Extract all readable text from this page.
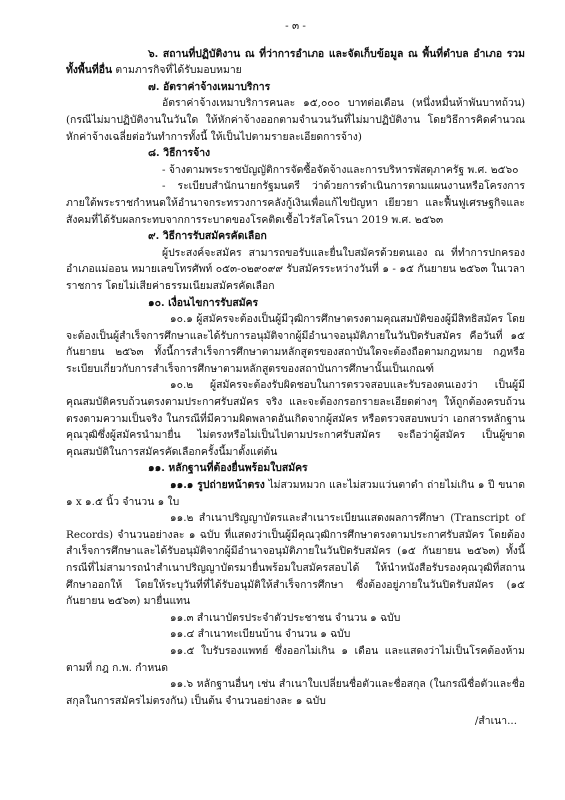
- ๓ -
๖. สถานที่ปฏิบัติงาน ณ ที่ว่าการอำเภอ และจัดเก็บข้อมูล ณ พื้นที่ตำบล อำเภอ รวมทั้งพื้นที่อื่น ตามภารกิจที่ได้รับมอบหมาย
๗. อัตราค่าจ้างเหมาบริการ
อัตราค่าจ้างเหมาบริการคนละ ๑๕,๐๐๐ บาทต่อเดือน (หนึ่งหมื่นห้าพันบาทถ้วน) (กรณีไม่มาปฏิบัติงานในวันใด ให้หักค่าจ้างออกตามจำนวนวันที่ไม่มาปฏิบัติงาน โดยวิธีการคิดคำนวณหักค่าจ้างเฉลี่ยต่อวันทำการทั้งนี้ ให้เป็นไปตามรายละเอียดการจ้าง)
๘. วิธีการจ้าง
- จ้างตามพระราชบัญญัติการจัดซื้อจัดจ้างและการบริหารพัสดุภาครัฐ พ.ศ. ๒๕๖๐
- ระเบียบสำนักนายกรัฐมนตรี ว่าด้วยการดำเนินการตามแผนงานหรือโครงการภายใต้พระราชกำหนดให้อำนาจกระทรวงการคลังกู้เงินเพื่อแก้ไขปัญหา เยียวยา และฟื้นฟูเศรษฐกิจและสังคมที่ได้รับผลกระทบจากการระบาดของโรคติดเชื้อไวรัสโคโรนา 2019 พ.ศ. ๒๕๖๓
๙. วิธีการรับสมัครคัดเลือก
ผู้ประสงค์จะสมัคร สามารถขอรับและยื่นใบสมัครด้วยตนเอง ณ ที่ทำการปกครองอำเภอแม่ออน หมายเลขโทรศัพท์ ๐๕๓-๐๒๙๐๙๙ รับสมัครระหว่างวันที่ ๑ - ๑๕ กันยายน ๒๕๖๓ ในเวลาราชการ โดยไม่เสียค่าธรรมเนียมสมัครคัดเลือก
๑๐. เงื่อนไขการรับสมัคร
๑๐.๑ ผู้สมัครจะต้องเป็นผู้มีวุฒิการศึกษาตรงตามคุณสมบัติของผู้มีสิทธิสมัคร โดยจะต้องเป็นผู้สำเร็จการศึกษาและได้รับการอนุมัติจากผู้มีอำนาจอนุมัติภายในวันปิดรับสมัคร คือวันที่ ๑๕ กันยายน ๒๕๖๓ ทั้งนี้การสำเร็จการศึกษาตามหลักสูตรของสถาบันใดจะต้องถือตามกฎหมาย กฎหรือระเบียบเกี่ยวกับการสำเร็จการศึกษาตามหลักสูตรของสถาบันการศึกษานั้นเป็นเกณฑ์
๑๐.๒ ผู้สมัครจะต้องรับผิดชอบในการตรวจสอบและรับรองตนเองว่า เป็นผู้มีคุณสมบัติครบถ้วนตรงตามประกาศรับสมัคร จริง และจะต้องกรอกรายละเอียดต่างๆ ให้ถูกต้องครบถ้วนตรงตามความเป็นจริง ในกรณีที่มีความผิดพลาดอันเกิดจากผู้สมัคร หรือตรวจสอบพบว่า เอกสารหลักฐานคุณวุฒิซึ่งผู้สมัครนำมายื่น ไม่ตรงหรือไม่เป็นไปตามประกาศรับสมัคร จะถือว่าผู้สมัคร เป็นผู้ขาดคุณสมบัติในการสมัครคัดเลือกครั้งนี้มาตั้งแต่ต้น
๑๑. หลักฐานที่ต้องยื่นพร้อมใบสมัคร
๑๑.๑ รูปถ่ายหน้าตรง ไม่สวมหมวก และไม่สวมแว่นตาดำ ถ่ายไม่เกิน ๑ ปี ขนาด ๑ x ๑.๕ นิ้ว จำนวน ๑ ใบ
๑๑.๒ สำเนาปริญญาบัตรและสำเนาระเบียนแสดงผลการศึกษา (Transcript of Records) จำนวนอย่างละ ๑ ฉบับ ที่แสดงว่าเป็นผู้มีคุณวุฒิการศึกษาตรงตามประกาศรับสมัคร โดยต้องสำเร็จการศึกษาและได้รับอนุมัติจากผู้มีอำนาจอนุมัติภายในวันปิดรับสมัคร (๑๕ กันยายน ๒๕๖๓) ทั้งนี้ กรณีที่ไม่สามารถนำสำเนาปริญญาบัตรมายื่นพร้อมใบสมัครสอบได้ ให้นำหนังสือรับรองคุณวุฒิที่สถานศึกษาออกให้ โดยให้ระบุวันที่ที่ได้รับอนุมัติให้สำเร็จการศึกษา ซึ่งต้องอยู่ภายในวันปิดรับสมัคร (๑๕ กันยายน ๒๕๖๓) มายื่นแทน
๑๑.๓ สำเนาบัตรประจำตัวประชาชน จำนวน ๑ ฉบับ
๑๑.๔ สำเนาทะเบียนบ้าน จำนวน ๑ ฉบับ
๑๑.๕ ใบรับรองแพทย์ ซึ่งออกไม่เกิน ๑ เดือน และแสดงว่าไม่เป็นโรคต้องห้ามตามที่ กฎ ก.พ. กำหนด
๑๑.๖ หลักฐานอื่นๆ เช่น สำเนาใบเปลี่ยนชื่อตัวและชื่อสกุล (ในกรณีชื่อตัวและชื่อสกุลในการสมัครไม่ตรงกัน) เป็นต้น จำนวนอย่างละ ๑ ฉบับ
/สำเนา...
